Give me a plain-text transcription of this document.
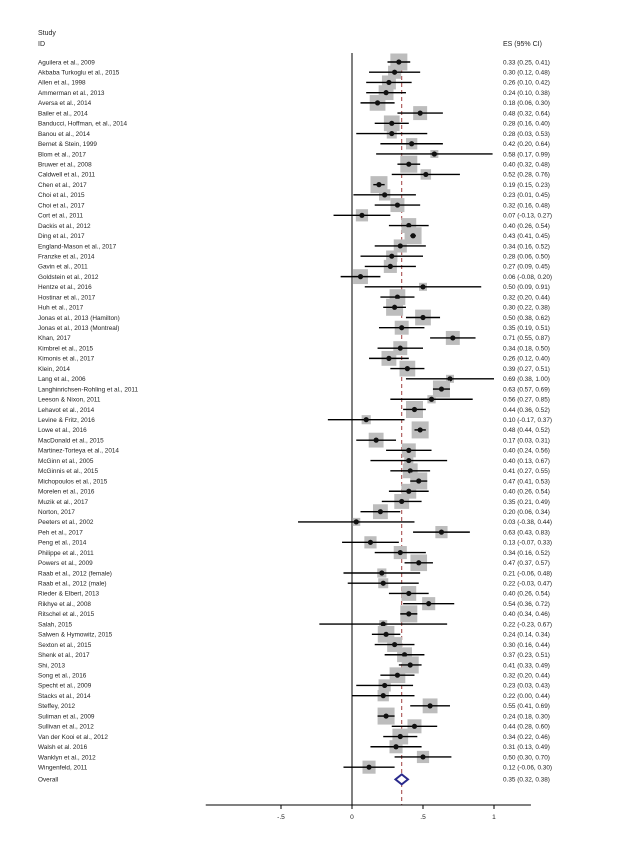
Study
ID	ES (95% CI)
Aguilera et al., 2009	0.33 (0.25, 0.41)
Akbaba Turkoglu et al., 2015	0.30 (0.12, 0.48)
Allen et al., 1998	0.26 (0.10, 0.42)
Ammerman et al., 2013	0.24 (0.10, 0.38)
Aversa et al., 2014	0.18 (0.06, 0.30)
Bailer et al., 2014	0.48 (0.32, 0.64)
Banducci, Hoffman, et al., 2014	0.28 (0.16, 0.40)
Banou et al., 2014	0.28 (0.03, 0.53)
Bernet & Stein, 1999	0.42 (0.20, 0.64)
Blom et al., 2017	0.58 (0.17, 0.99)
Bruwer et al., 2008	0.40 (0.32, 0.48)
Caldwell et al., 2011	0.52 (0.28, 0.76)
Chen et al., 2017	0.19 (0.15, 0.23)
Choi et al., 2015	0.23 (0.01, 0.45)
Choi et al., 2017	0.32 (0.16, 0.48)
Cort et al., 2011	0.07 (-0.13, 0.27)
Dackis et al., 2012	0.40 (0.26, 0.54)
Ding et al., 2017	0.43 (0.41, 0.45)
England-Mason et al., 2017	0.34 (0.16, 0.52)
Franzke et al., 2014	0.28 (0.06, 0.50)
Gavin et al., 2011	0.27 (0.09, 0.45)
Goldstein et al., 2012	0.06 (-0.08, 0.20)
Hentze et al., 2016	0.50 (0.09, 0.91)
Hostinar et al., 2017	0.32 (0.20, 0.44)
Huh et al., 2017	0.30 (0.22, 0.38)
Jonas et al., 2013 (Hamilton)	0.50 (0.38, 0.62)
Jonas et al., 2013 (Montreal)	0.35 (0.19, 0.51)
Khan, 2017	0.71 (0.55, 0.87)
Kimbrel et al., 2015	0.34 (0.18, 0.50)
Kimonis et al., 2017	0.26 (0.12, 0.40)
Klein, 2014	0.39 (0.27, 0.51)
Lang et al., 2006	0.69 (0.38, 1.00)
Langhinrichsen-Rohling et al., 2011	0.63 (0.57, 0.69)
Leeson & Nixon, 2011	0.56 (0.27, 0.85)
Lehavot et al., 2014	0.44 (0.36, 0.52)
Levine & Fritz, 2016	0.10 (-0.17, 0.37)
Lowe et al., 2016	0.48 (0.44, 0.52)
MacDonald et al., 2015	0.17 (0.03, 0.31)
Martinez-Torteya et al., 2014	0.40 (0.24, 0.56)
McGinn et al., 2005	0.40 (0.13, 0.67)
McGinnis et al., 2015	0.41 (0.27, 0.55)
Michopoulos et al., 2015	0.47 (0.41, 0.53)
Morelen et al., 2016	0.40 (0.26, 0.54)
Muzik et al., 2017	0.35 (0.21, 0.49)
Norton, 2017	0.20 (0.06, 0.34)
Peeters et al., 2002	0.03 (-0.38, 0.44)
Peh et al., 2017	0.63 (0.43, 0.83)
Peng et al., 2014	0.13 (-0.07, 0.33)
Philippe et al., 2011	0.34 (0.16, 0.52)
Powers et al., 2009	0.47 (0.37, 0.57)
Raab et al., 2012 (female)	0.21 (-0.06, 0.48)
Raab et al., 2012 (male)	0.22 (-0.03, 0.47)
Rieder & Elbert, 2013	0.40 (0.26, 0.54)
Rikhye et al., 2008	0.54 (0.36, 0.72)
Ritschel et al., 2015	0.40 (0.34, 0.46)
Salah, 2015	0.22 (-0.23, 0.67)
Salwen & Hymowitz, 2015	0.24 (0.14, 0.34)
Sexton et al., 2015	0.30 (0.16, 0.44)
Shenk et al., 2017	0.37 (0.23, 0.51)
Shi, 2013	0.41 (0.33, 0.49)
Song et al., 2016	0.32 (0.20, 0.44)
Specht et al., 2009	0.23 (0.03, 0.43)
Stacks et al., 2014	0.22 (0.00, 0.44)
Steffey, 2012	0.55 (0.41, 0.69)
Suliman et al., 2009	0.24 (0.18, 0.30)
Sullivan et al., 2012	0.44 (0.28, 0.60)
Van der Kooi et al., 2012	0.34 (0.22, 0.46)
Walsh et al. 2016	0.31 (0.13, 0.49)
Wanklyn et al., 2012	0.50 (0.30, 0.70)
Wingenfeld, 2011	0.12 (-0.06, 0.30)
Overall	0.35 (0.32, 0.38)
-.5	0	.5	1
